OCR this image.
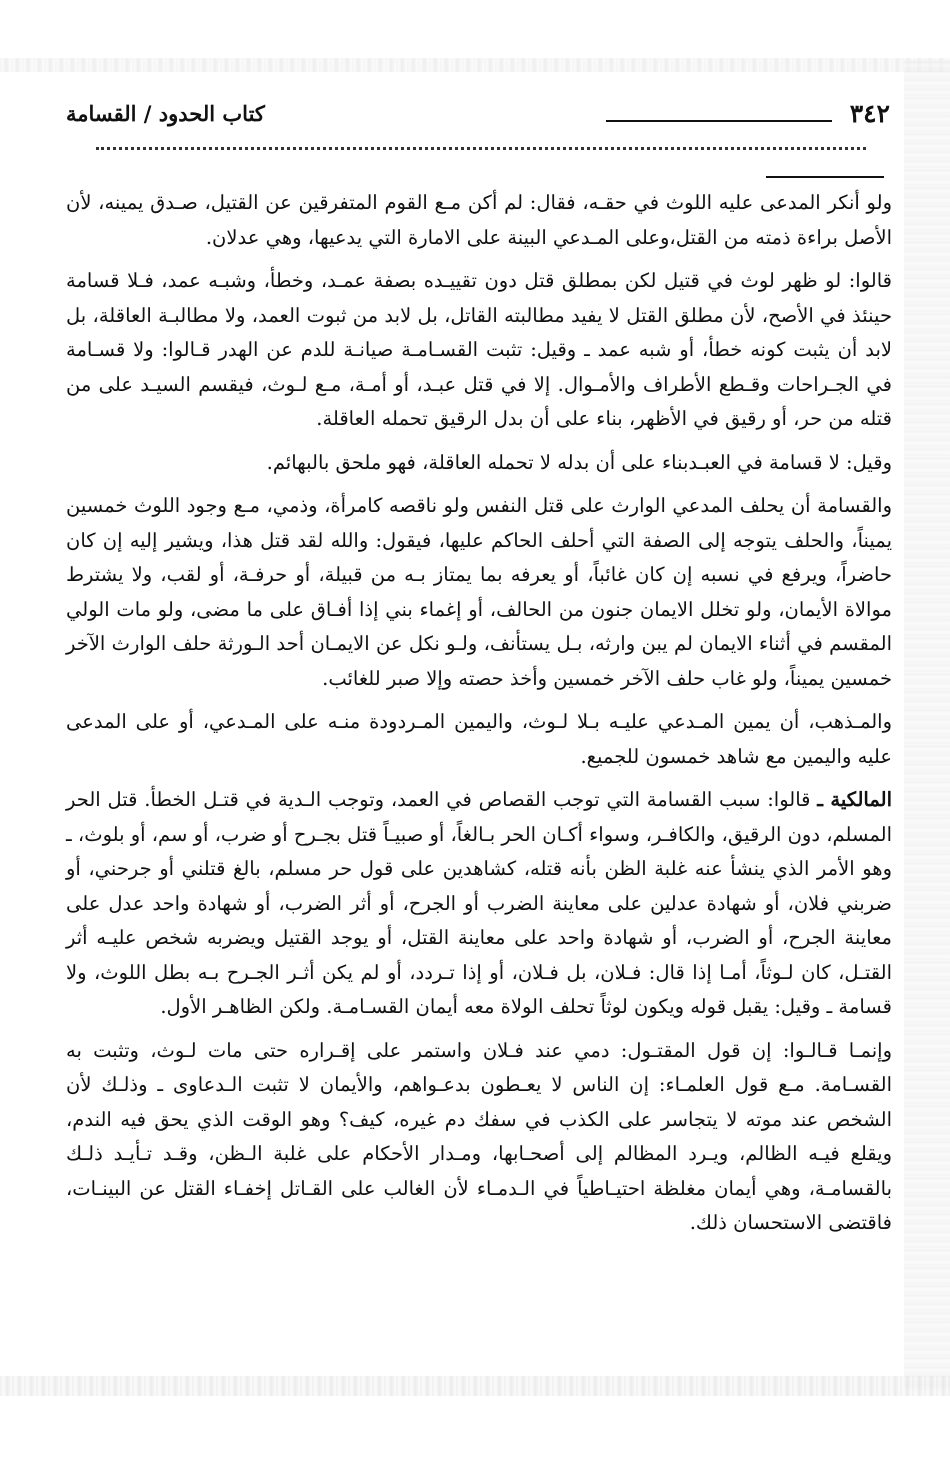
٣٤٢
كتاب الحدود / القسامة

ولو أنكر المدعى عليه اللوث في حقـه، فقال: لم أكن مـع القوم المتفرقين عن القتيل، صـدق يمينه، لأن الأصل براءة ذمته من القتل،وعلى المـدعي البينة على الامارة التي يدعيها، وهي عدلان.

قالوا: لو ظهر لوث في قتيل لكن بمطلق قتل دون تقييـده بصفة عمـد، وخطأ، وشبـه عمد، فـلا قسامة حينئذ في الأصح، لأن مطلق القتل لا يفيد مطالبته القاتل، بل لابد من ثبوت العمد، ولا مطالبـة العاقلة، بل لابد أن يثبت كونه خطأ، أو شبه عمد ـ وقيل: تثبت القسـامـة صيانـة للدم عن الهدر قـالوا: ولا قسـامة في الجـراحات وقـطع الأطراف والأمـوال. إلا في قتل عبـد، أو أمـة، مـع لـوث، فيقسم السيـد على من قتله من حر، أو رقيق في الأظهر، بناء على أن بدل الرقيق تحمله العاقلة.

وقيل: لا قسامة في العبـدبناء على أن بدله لا تحمله العاقلة، فهو ملحق بالبهائم.

والقسامة أن يحلف المدعي الوارث على قتل النفس ولو ناقصه كامرأة، وذمي، مـع وجود اللوث خمسين يميناً، والحلف يتوجه إلى الصفة التي أحلف الحاكم عليها، فيقول: والله لقد قتل هذا، ويشير إليه إن كان حاضراً، ويرفع في نسبه إن كان غائباً، أو يعرفه بما يمتاز بـه من قبيلة، أو حرفـة، أو لقب، ولا يشترط موالاة الأيمان، ولو تخلل الايمان جنون من الحالف، أو إغماء بني إذا أفـاق على ما مضى، ولو مات الولي المقسم في أثناء الايمان لم يبن وارثه، بـل يستأنف، ولـو نكل عن الايمـان أحد الـورثة حلف الوارث الآخر خمسين يميناً، ولو غاب حلف الآخر خمسين وأخذ حصته وإلا صبر للغائب.

والمـذهب، أن يمين المـدعي عليـه بـلا لـوث، واليمين المـردودة منـه على المـدعي، أو على المدعى عليه واليمين مع شاهد خمسون للجميع.

المالكية ـ قالوا: سبب القسامة التي توجب القصاص في العمد، وتوجب الـدية في قتـل الخطأ. قتل الحر المسلم، دون الرقيق، والكافـر، وسواء أكـان الحر بـالغاً، أو صبيـاً قتل بجـرح أو ضرب، أو سم، أو بلوث، ـ وهو الأمر الذي ينشأ عنه غلبة الظن بأنه قتله، كشاهدين على قول حر مسلم، بالغ قتلني أو جرحني، أو ضربني فلان، أو شهادة عدلين على معاينة الضرب أو الجرح، أو أثر الضرب، أو شهادة واحد عدل على معاينة الجرح، أو الضرب، أو شهادة واحد على معاينة القتل، أو يوجد القتيل ويضربه شخص عليـه أثر القتـل، كان لـوثاً، أمـا إذا قال: فـلان، بل فـلان، أو إذا تـردد، أو لم يكن أثـر الجـرح بـه بطل اللوث، ولا قسامة ـ وقيل: يقبل قوله ويكون لوثاً تحلف الولاة معه أيمان القسـامـة. ولكن الظاهـر الأول.

وإنمـا قـالـوا: إن قول المقتـول: دمي عند فـلان واستمر على إقـراره حتى مات لـوث، وتثبت به القسـامة. مـع قول العلمـاء: إن الناس لا يعـطون بدعـواهم، والأيمان لا تثبت الـدعاوى ـ وذلـك لأن الشخص عند موته لا يتجاسر على الكذب في سفك دم غيره، كيف؟ وهو الوقت الذي يحق فيه الندم، ويقلع فيـه الظالم، ويـرد المظالم إلى أصحـابها، ومـدار الأحكام على غلبة الـظن، وقـد تـأيـد ذلـك بالقسامـة، وهي أيمان مغلظة احتيـاطياً في الـدمـاء لأن الغالب على القـاتل إخفـاء القتل عن البينـات، فاقتضى الاستحسان ذلك.
